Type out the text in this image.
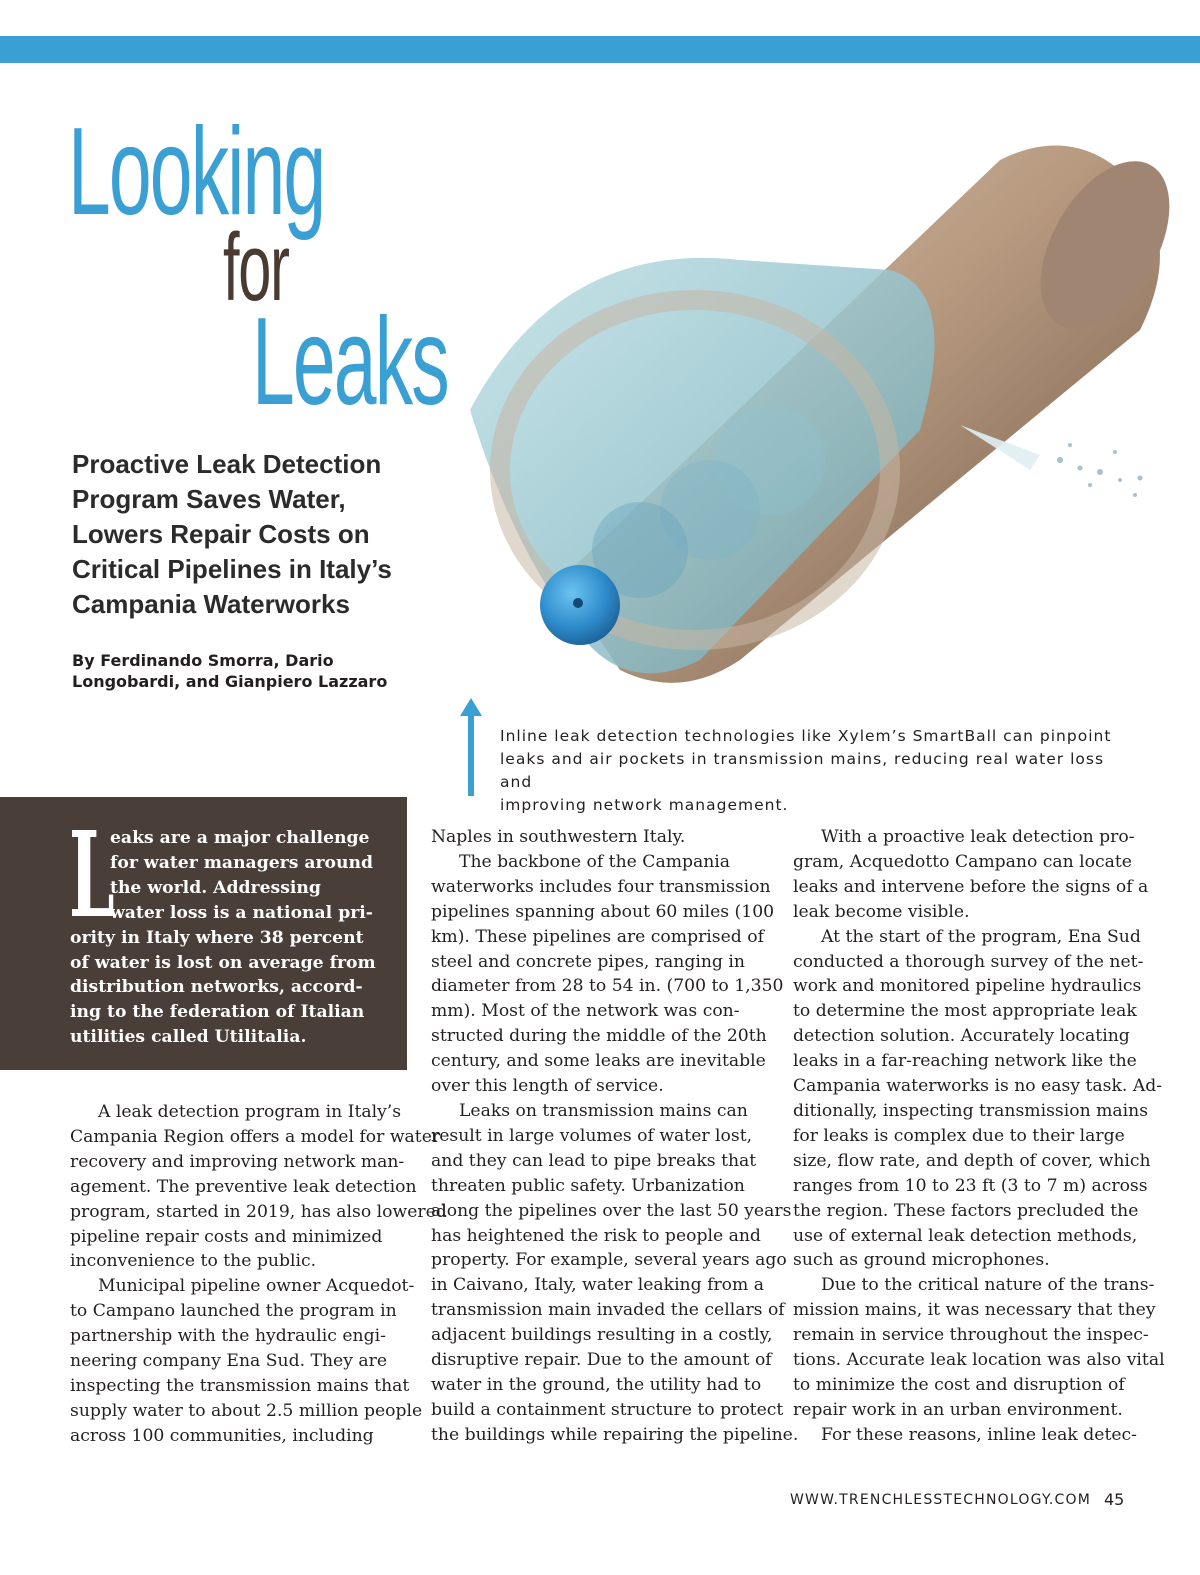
Looking
for
Leaks
Proactive Leak Detection Program Saves Water, Lowers Repair Costs on Critical Pipelines in Italy’s Campania Waterworks
By Ferdinando Smorra, Dario Longobardi, and Gianpiero Lazzaro
Inline leak detection technologies like Xylem’s SmartBall can pinpoint
leaks and air pockets in transmission mains, reducing real water loss and
improving network management.
L
eaks are a major challenge
for water managers around
the world. Addressing
water loss is a national pri-
ority in Italy where 38 percent
of water is lost on average from
distribution networks, accord-
ing to the federation of Italian
utilities called Utilitalia.
A leak detection program in Italy’s
Campania Region offers a model for water
recovery and improving network man-
agement. The preventive leak detection
program, started in 2019, has also lowered
pipeline repair costs and minimized
inconvenience to the public.
Municipal pipeline owner Acquedot-
to Campano launched the program in
partnership with the hydraulic engi-
neering company Ena Sud. They are
inspecting the transmission mains that
supply water to about 2.5 million people
across 100 communities, including
Naples in southwestern Italy.
The backbone of the Campania
waterworks includes four transmission
pipelines spanning about 60 miles (100
km). These pipelines are comprised of
steel and concrete pipes, ranging in
diameter from 28 to 54 in. (700 to 1,350
mm). Most of the network was con-
structed during the middle of the 20th
century, and some leaks are inevitable
over this length of service.
Leaks on transmission mains can
result in large volumes of water lost,
and they can lead to pipe breaks that
threaten public safety. Urbanization
along the pipelines over the last 50 years
has heightened the risk to people and
property. For example, several years ago
in Caivano, Italy, water leaking from a
transmission main invaded the cellars of
adjacent buildings resulting in a costly,
disruptive repair. Due to the amount of
water in the ground, the utility had to
build a containment structure to protect
the buildings while repairing the pipeline.
With a proactive leak detection pro-
gram, Acquedotto Campano can locate
leaks and intervene before the signs of a
leak become visible.
At the start of the program, Ena Sud
conducted a thorough survey of the net-
work and monitored pipeline hydraulics
to determine the most appropriate leak
detection solution. Accurately locating
leaks in a far-reaching network like the
Campania waterworks is no easy task. Ad-
ditionally, inspecting transmission mains
for leaks is complex due to their large
size, flow rate, and depth of cover, which
ranges from 10 to 23 ft (3 to 7 m) across
the region. These factors precluded the
use of external leak detection methods,
such as ground microphones.
Due to the critical nature of the trans-
mission mains, it was necessary that they
remain in service throughout the inspec-
tions. Accurate leak location was also vital
to minimize the cost and disruption of
repair work in an urban environment.
For these reasons, inline leak detec-
WWW.TRENCHLESSTECHNOLOGY.COM 45
